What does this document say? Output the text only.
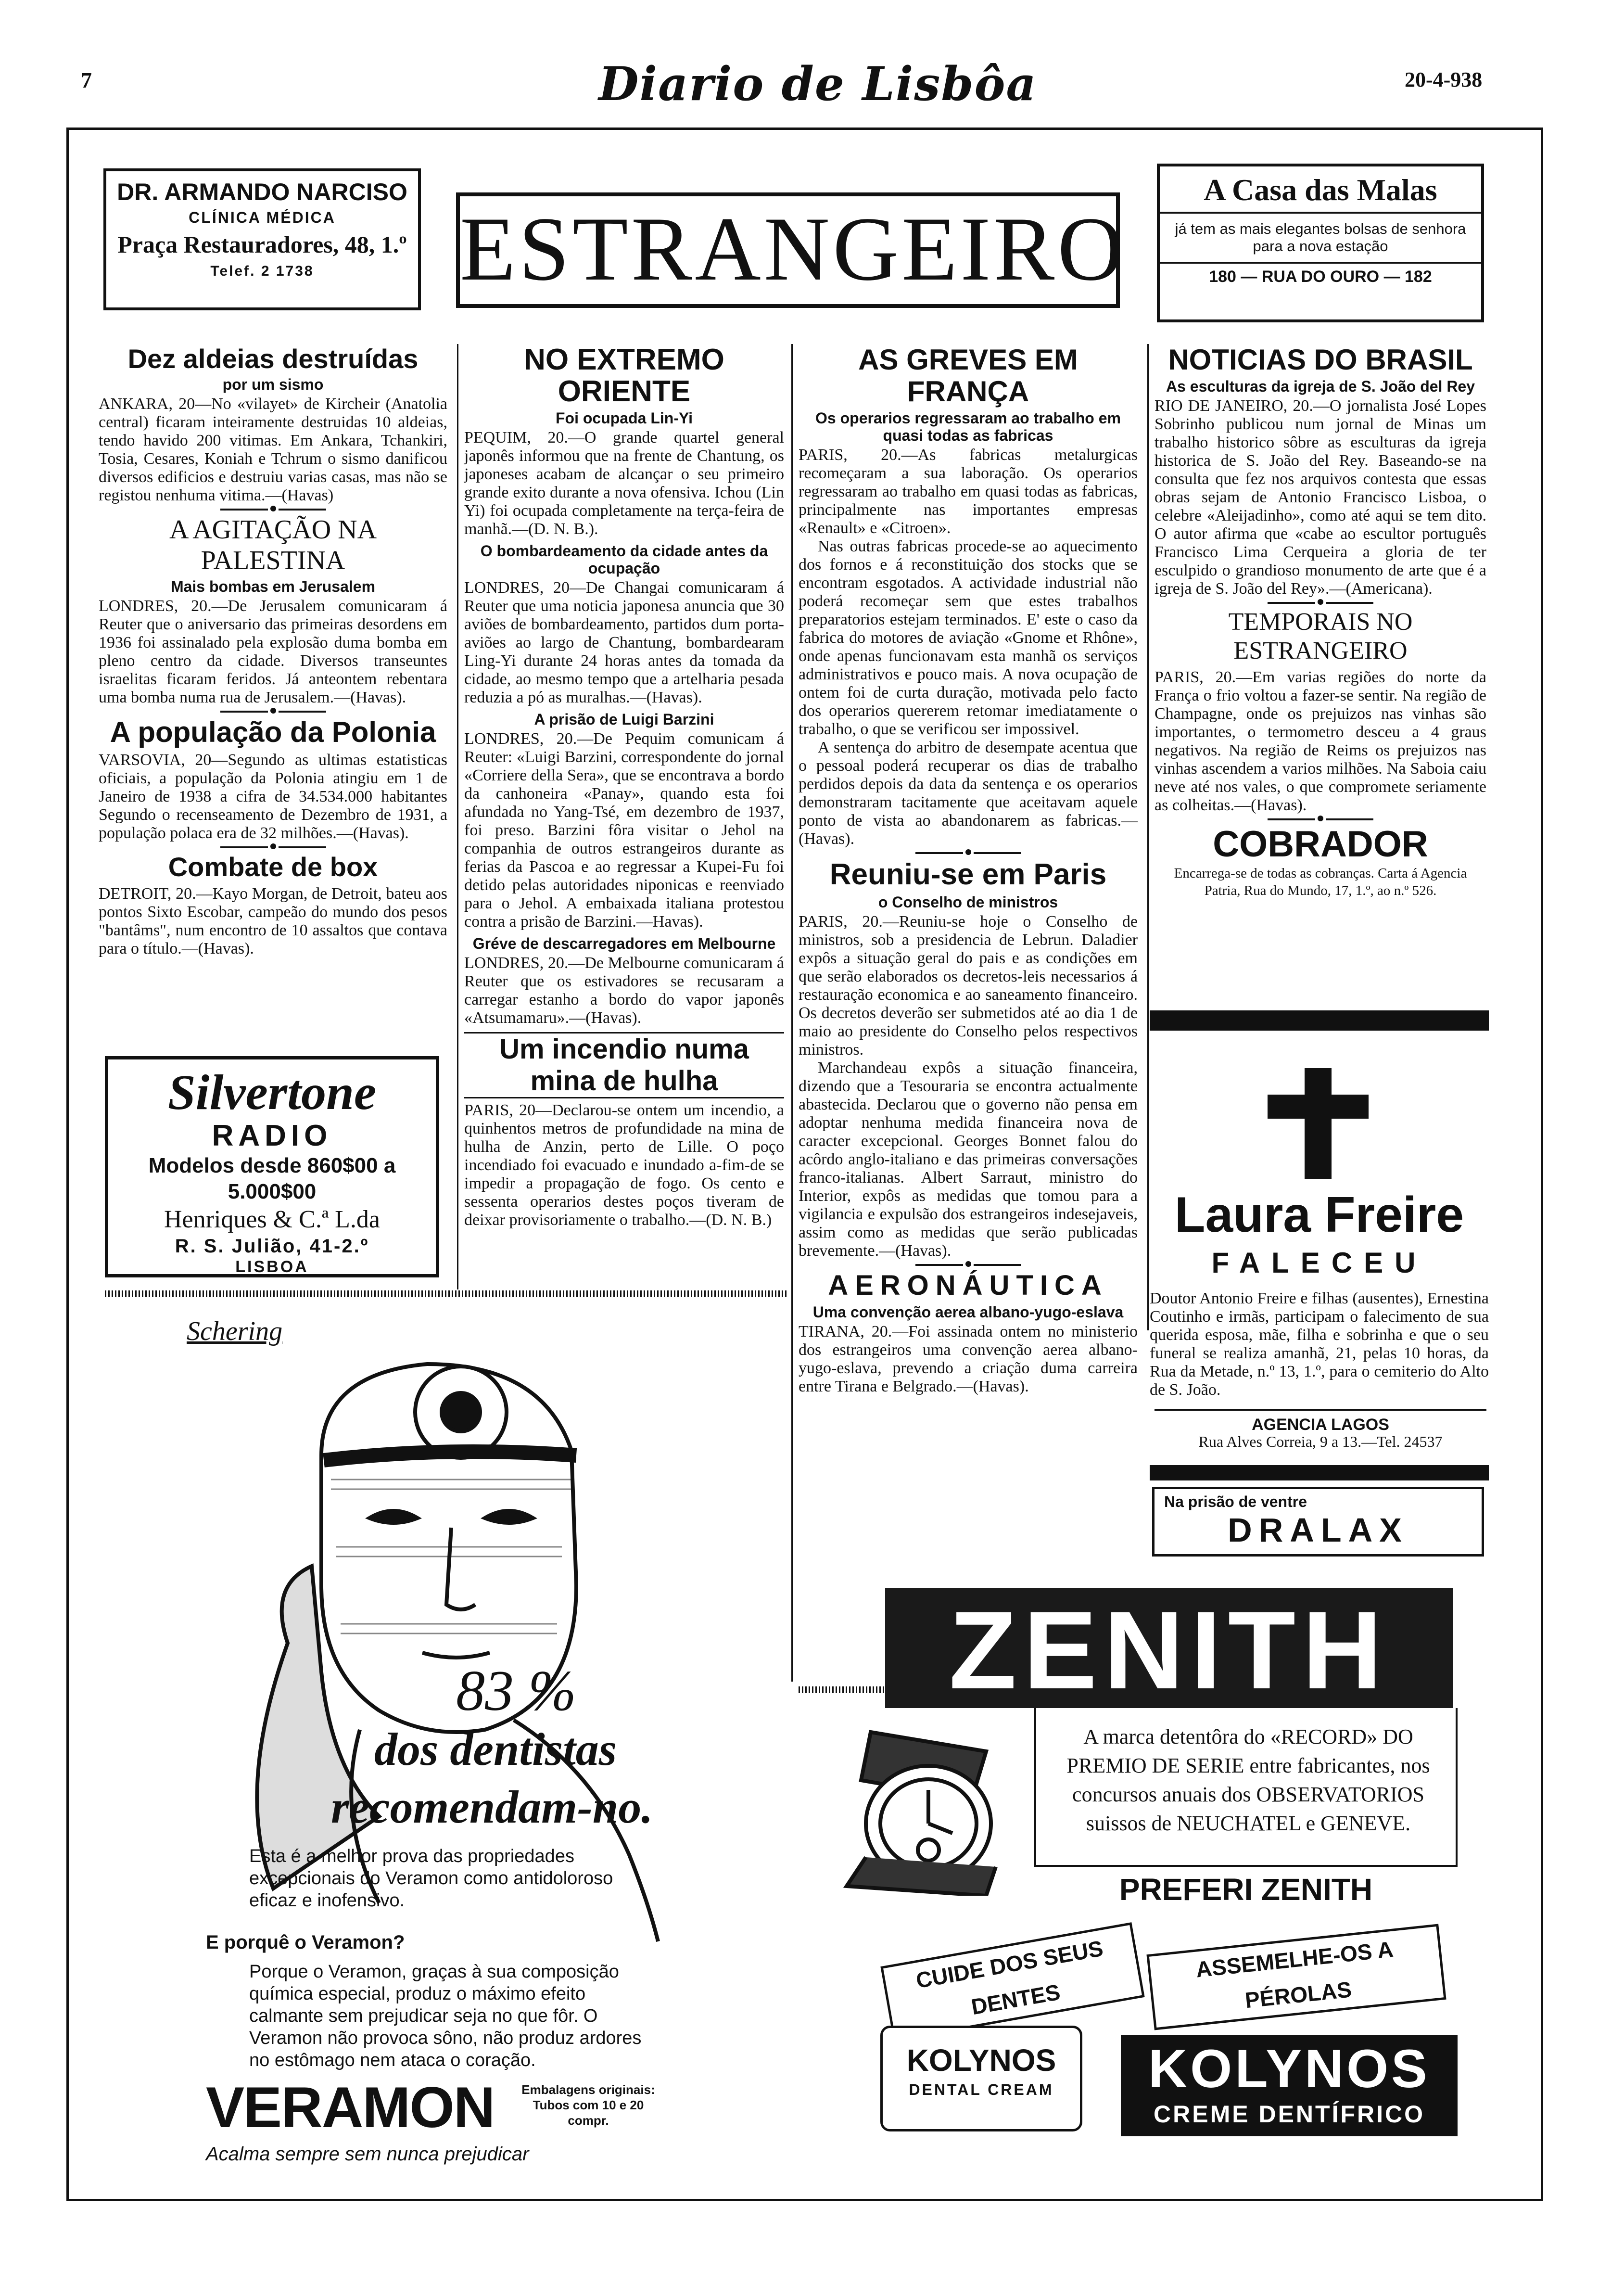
7	Diario de Lisbôa	20-4-938
DR. ARMANDO NARCISO
CLÍNICA MÉDICA
Praça Restauradores, 48, 1.º
Telef. 2 1738	ESTRANGEIRO
A Casa das Malas
já tem as mais elegantes bolsas de senhora para a nova estação
180 — RUA DO OURO — 182
Dez aldeias destruídas
por um sismo

ANKARA, 20—No «vilayet» de Kircheir (Anatolia central) ficaram inteiramente destruidas 10 aldeias, tendo havido 200 vitimas. Em Ankara, Tchankiri, Tosia, Cesares, Koniah e Tchrum o sismo danificou diversos edificios e destruiu varias casas, mas não se registou nenhuma vitima.—(Havas)

A AGITAÇÃO NA PALESTINA
Mais bombas em Jerusalem

LONDRES, 20.—De Jerusalem comunicaram á Reuter que o aniversario das primeiras desordens em 1936 foi assinalado pela explosão duma bomba em pleno centro da cidade. Diversos transeuntes israelitas ficaram feridos. Já anteontem rebentara uma bomba numa rua de Jerusalem.—(Havas).

A população da Polonia

VARSOVIA, 20—Segundo as ultimas estatisticas oficiais, a população da Polonia atingiu em 1 de Janeiro de 1938 a cifra de 34.534.000 habitantes Segundo o recenseamento de Dezembro de 1931, a população polaca era de 32 milhões.—(Havas).

Combate de box

DETROIT, 20.—Kayo Morgan, de Detroit, bateu aos pontos Sixto Escobar, campeão do mundo dos pesos "bantâms", num encontro de 10 assaltos que contava para o título.—(Havas).

Silvertone
RADIO
Modelos desde 860$00 a 5.000$00
Henriques & C.ª L.da
R. S. Julião, 41-2.º
LISBOA
NO EXTREMO ORIENTE
Foi ocupada Lin-Yi

PEQUIM, 20.—O grande quartel general japonês informou que na frente de Chantung, os japoneses acabam de alcançar o seu primeiro grande exito durante a nova ofensiva. Ichou (Lin Yi) foi ocupada completamente na terça-feira de manhã.—(D. N. B.).

O bombardeamento da cidade antes da ocupação

LONDRES, 20—De Changai comunicaram á Reuter que uma noticia japonesa anuncia que 30 aviões de bombardeamento, partidos dum porta-aviões ao largo de Chantung, bombardearam Ling-Yi durante 24 horas antes da tomada da cidade, ao mesmo tempo que a artelharia pesada reduzia a pó as muralhas.—(Havas).

A prisão de Luigi Barzini

LONDRES, 20.—De Pequim comunicam á Reuter: «Luigi Barzini, correspondente do jornal «Corriere della Sera», que se encontrava a bordo da canhoneira «Panay», quando esta foi afundada no Yang-Tsé, em dezembro de 1937, foi preso. Barzini fôra visitar o Jehol na companhia de outros estrangeiros durante as ferias da Pascoa e ao regressar a Kupei-Fu foi detido pelas autoridades niponicas e reenviado para o Jehol. A embaixada italiana protestou contra a prisão de Barzini.—Havas).

Gréve de descarregadores em Melbourne

LONDRES, 20.—De Melbourne comunicaram á Reuter que os estivadores se recusaram a carregar estanho a bordo do vapor japonês «Atsumamaru».—(Havas).

Um incendio numa mina de hulha

PARIS, 20—Declarou-se ontem um incendio, a quinhentos metros de profundidade na mina de hulha de Anzin, perto de Lille. O poço incendiado foi evacuado e inundado a-fim-de se impedir a propagação de fogo. Os cento e sessenta operarios destes poços tiveram de deixar provisoriamente o trabalho.—(D. N. B.)

AS GREVES EM FRANÇA
Os operarios regressaram ao trabalho em quasi todas as fabricas

PARIS, 20.—As fabricas metalurgicas recomeçaram a sua laboração. Os operarios regressaram ao trabalho em quasi todas as fabricas, principalmente nas importantes empresas «Renault» e «Citroen».

Nas outras fabricas procede-se ao aquecimento dos fornos e á reconstituição dos stocks que se encontram esgotados. A actividade industrial não poderá recomeçar sem que estes trabalhos preparatorios estejam terminados. E' este o caso da fabrica do motores de aviação «Gnome et Rhône», onde apenas funcionavam esta manhã os serviços administrativos e pouco mais. A nova ocupação de ontem foi de curta duração, motivada pelo facto dos operarios quererem retomar imediatamente o trabalho, o que se verificou ser impossivel.

A sentença do arbitro de desempate acentua que o pessoal poderá recuperar os dias de trabalho perdidos depois da data da sentença e os operarios demonstraram tacitamente que aceitavam aquele ponto de vista ao abandonarem as fabricas.—(Havas).

Reuniu-se em Paris
o Conselho de ministros

PARIS, 20.—Reuniu-se hoje o Conselho de ministros, sob a presidencia de Lebrun. Daladier expôs a situação geral do pais e as condições em que serão elaborados os decretos-leis necessarios á restauração economica e ao saneamento financeiro. Os decretos deverão ser submetidos até ao dia 1 de maio ao presidente do Conselho pelos respectivos ministros.

Marchandeau expôs a situação financeira, dizendo que a Tesouraria se encontra actualmente abastecida. Declarou que o governo não pensa em adoptar nenhuma medida financeira nova de caracter excepcional. Georges Bonnet falou do acôrdo anglo-italiano e das primeiras conversações franco-italianas. Albert Sarraut, ministro do Interior, expôs as medidas que tomou para a vigilancia e expulsão dos estrangeiros indesejaveis, assim como as medidas que serão publicadas brevemente.—(Havas).

AERONÁUTICA
Uma convenção aerea albano-yugo-eslava

TIRANA, 20.—Foi assinada ontem no ministerio dos estrangeiros uma convenção aerea albano-yugo-eslava, prevendo a criação duma carreira entre Tirana e Belgrado.—(Havas).

NOTICIAS DO BRASIL
As esculturas da igreja de S. João del Rey

RIO DE JANEIRO, 20.—O jornalista José Lopes Sobrinho publicou num jornal de Minas um trabalho historico sôbre as esculturas da igreja historica de S. João del Rey. Baseando-se na consulta que fez nos arquivos contesta que essas obras sejam de Antonio Francisco Lisboa, o celebre «Aleijadinho», como até aqui se tem dito. O autor afirma que «cabe ao escultor português Francisco Lima Cerqueira a gloria de ter esculpido o grandioso monumento de arte que é a igreja de S. João del Rey».—(Americana).

TEMPORAIS NO ESTRANGEIRO

PARIS, 20.—Em varias regiões do norte da França o frio voltou a fazer-se sentir. Na região de Champagne, onde os prejuizos nas vinhas são importantes, o termometro desceu a 4 graus negativos. Na região de Reims os prejuizos nas vinhas ascendem a varios milhões. Na Saboia caiu neve até nos vales, o que compromete seriamente as colheitas.—(Havas).

COBRADOR

Encarrega-se de todas as cobranças. Carta á Agencia Patria, Rua do Mundo, 17, 1.º, ao n.º 526.

Laura Freire
FALECEU

Doutor Antonio Freire e filhas (ausentes), Ernestina Coutinho e irmãs, participam o falecimento de sua querida esposa, mãe, filha e sobrinha e que o seu funeral se realiza amanhã, 21, pelas 10 horas, da Rua da Metade, n.º 13, 1.º, para o cemiterio do Alto de S. João.

AGENCIA LAGOS
Rua Alves Correia, 9 a 13.—Tel. 24537
Na prisão de ventre
DRALAX
Schering
83 %
dos dentistas
recomendam-no.

Esta é a melhor prova das propriedades excepcionais do Veramon como antidoloroso eficaz e inofensivo.

E porquê o Veramon?

Porque o Veramon, graças à sua composição química especial, produz o máximo efeito calmante sem prejudicar seja no que fôr. O Veramon não provoca sôno, não produz ardores no estômago nem ataca o coração.

VERAMON Embalagens originais: Tubos com 10 e 20 compr.
Acalma sempre sem nunca prejudicar
ZENITH

A marca detentôra do «RECORD» DO PREMIO DE SERIE entre fabricantes, nos concursos anuais dos OBSERVATORIOS suissos de NEUCHATEL e GENEVE.

PREFERI ZENITH
CUIDE DOS SEUS DENTES
ASSEMELHE-OS A PÉROLAS
KOLYNOS
DENTAL CREAM	KOLYNOS
CREME DENTÍFRICO
